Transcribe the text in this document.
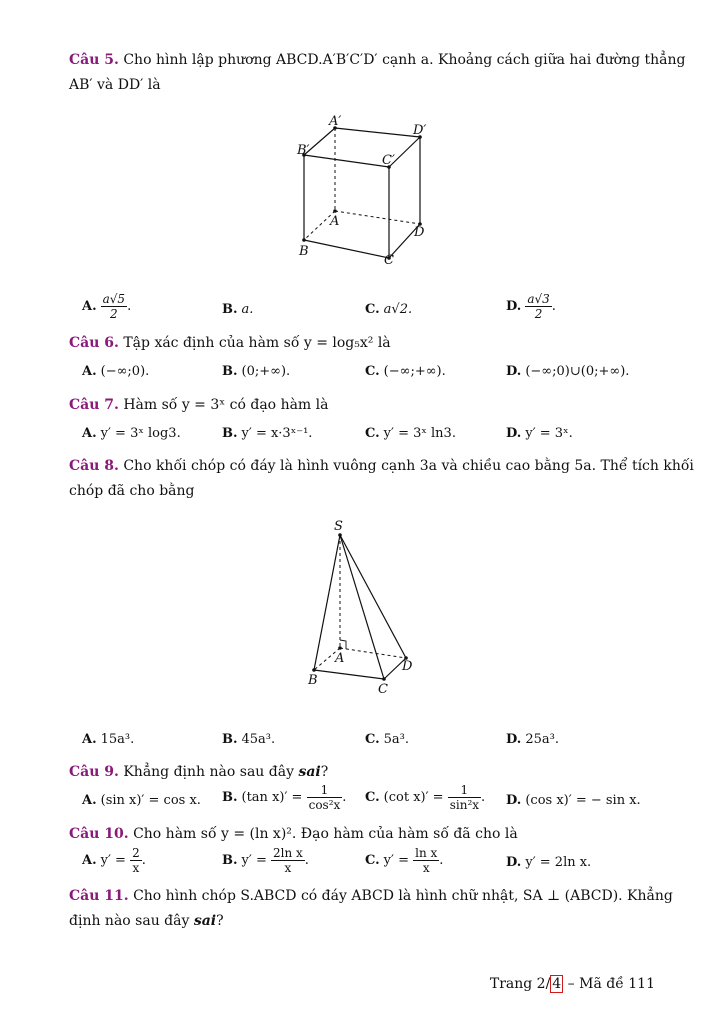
Câu 5. Cho hình lập phương ABCD.A′B′C′D′ cạnh a. Khoảng cách giữa hai đường thẳng
AB′ và DD′ là
A′
D′
B′
C′
A
D
B
C
A. $\frac{a√5}{2}$ .	B. a.	C. a√2.	D. $\frac{a√3}{2}$ .
Câu 6. Tập xác định của hàm số y = log₅x² là
A. (−∞;0).	B. (0;+∞).	C. (−∞;+∞).	D. (−∞;0)∪(0;+∞).
Câu 7. Hàm số y = 3ˣ có đạo hàm là
A. y′ = 3ˣ log3.	B. y′ = x·3ˣ⁻¹.	C. y′ = 3ˣ ln3.	D. y′ = 3ˣ.
Câu 8. Cho khối chóp có đáy là hình vuông cạnh 3a và chiều cao bằng 5a. Thể tích khối
chóp đã cho bằng
S
A
B
C
D
A. 15a³.	B. 45a³.	C. 5a³.	D. 25a³.
Câu 9. Khẳng định nào sau đây sai?
A. (sin x)′ = cos x. B. (tan $x)' = \frac{1}{\text{cos²x}}$ . C. (cot $x)' = \frac{1}{\text{sin²x}}$ . D. (cos x)′ = − sin x.
Câu 10. Cho hàm số y = (ln x)². Đạo hàm của hàm số đã cho là
A. $y' = \frac{2}{x}$ .	B. $y' = \frac{\text{2ln x}}{x}$ .	C. $y' = \frac{\text{ln x}}{x}$ .	D. y′ = 2ln x.
Câu 11. Cho hình chóp S.ABCD có đáy ABCD là hình chữ nhật, SA ⊥ (ABCD). Khẳng
định nào sau đây sai?
Trang 2/ 4 – Mã đề 111
